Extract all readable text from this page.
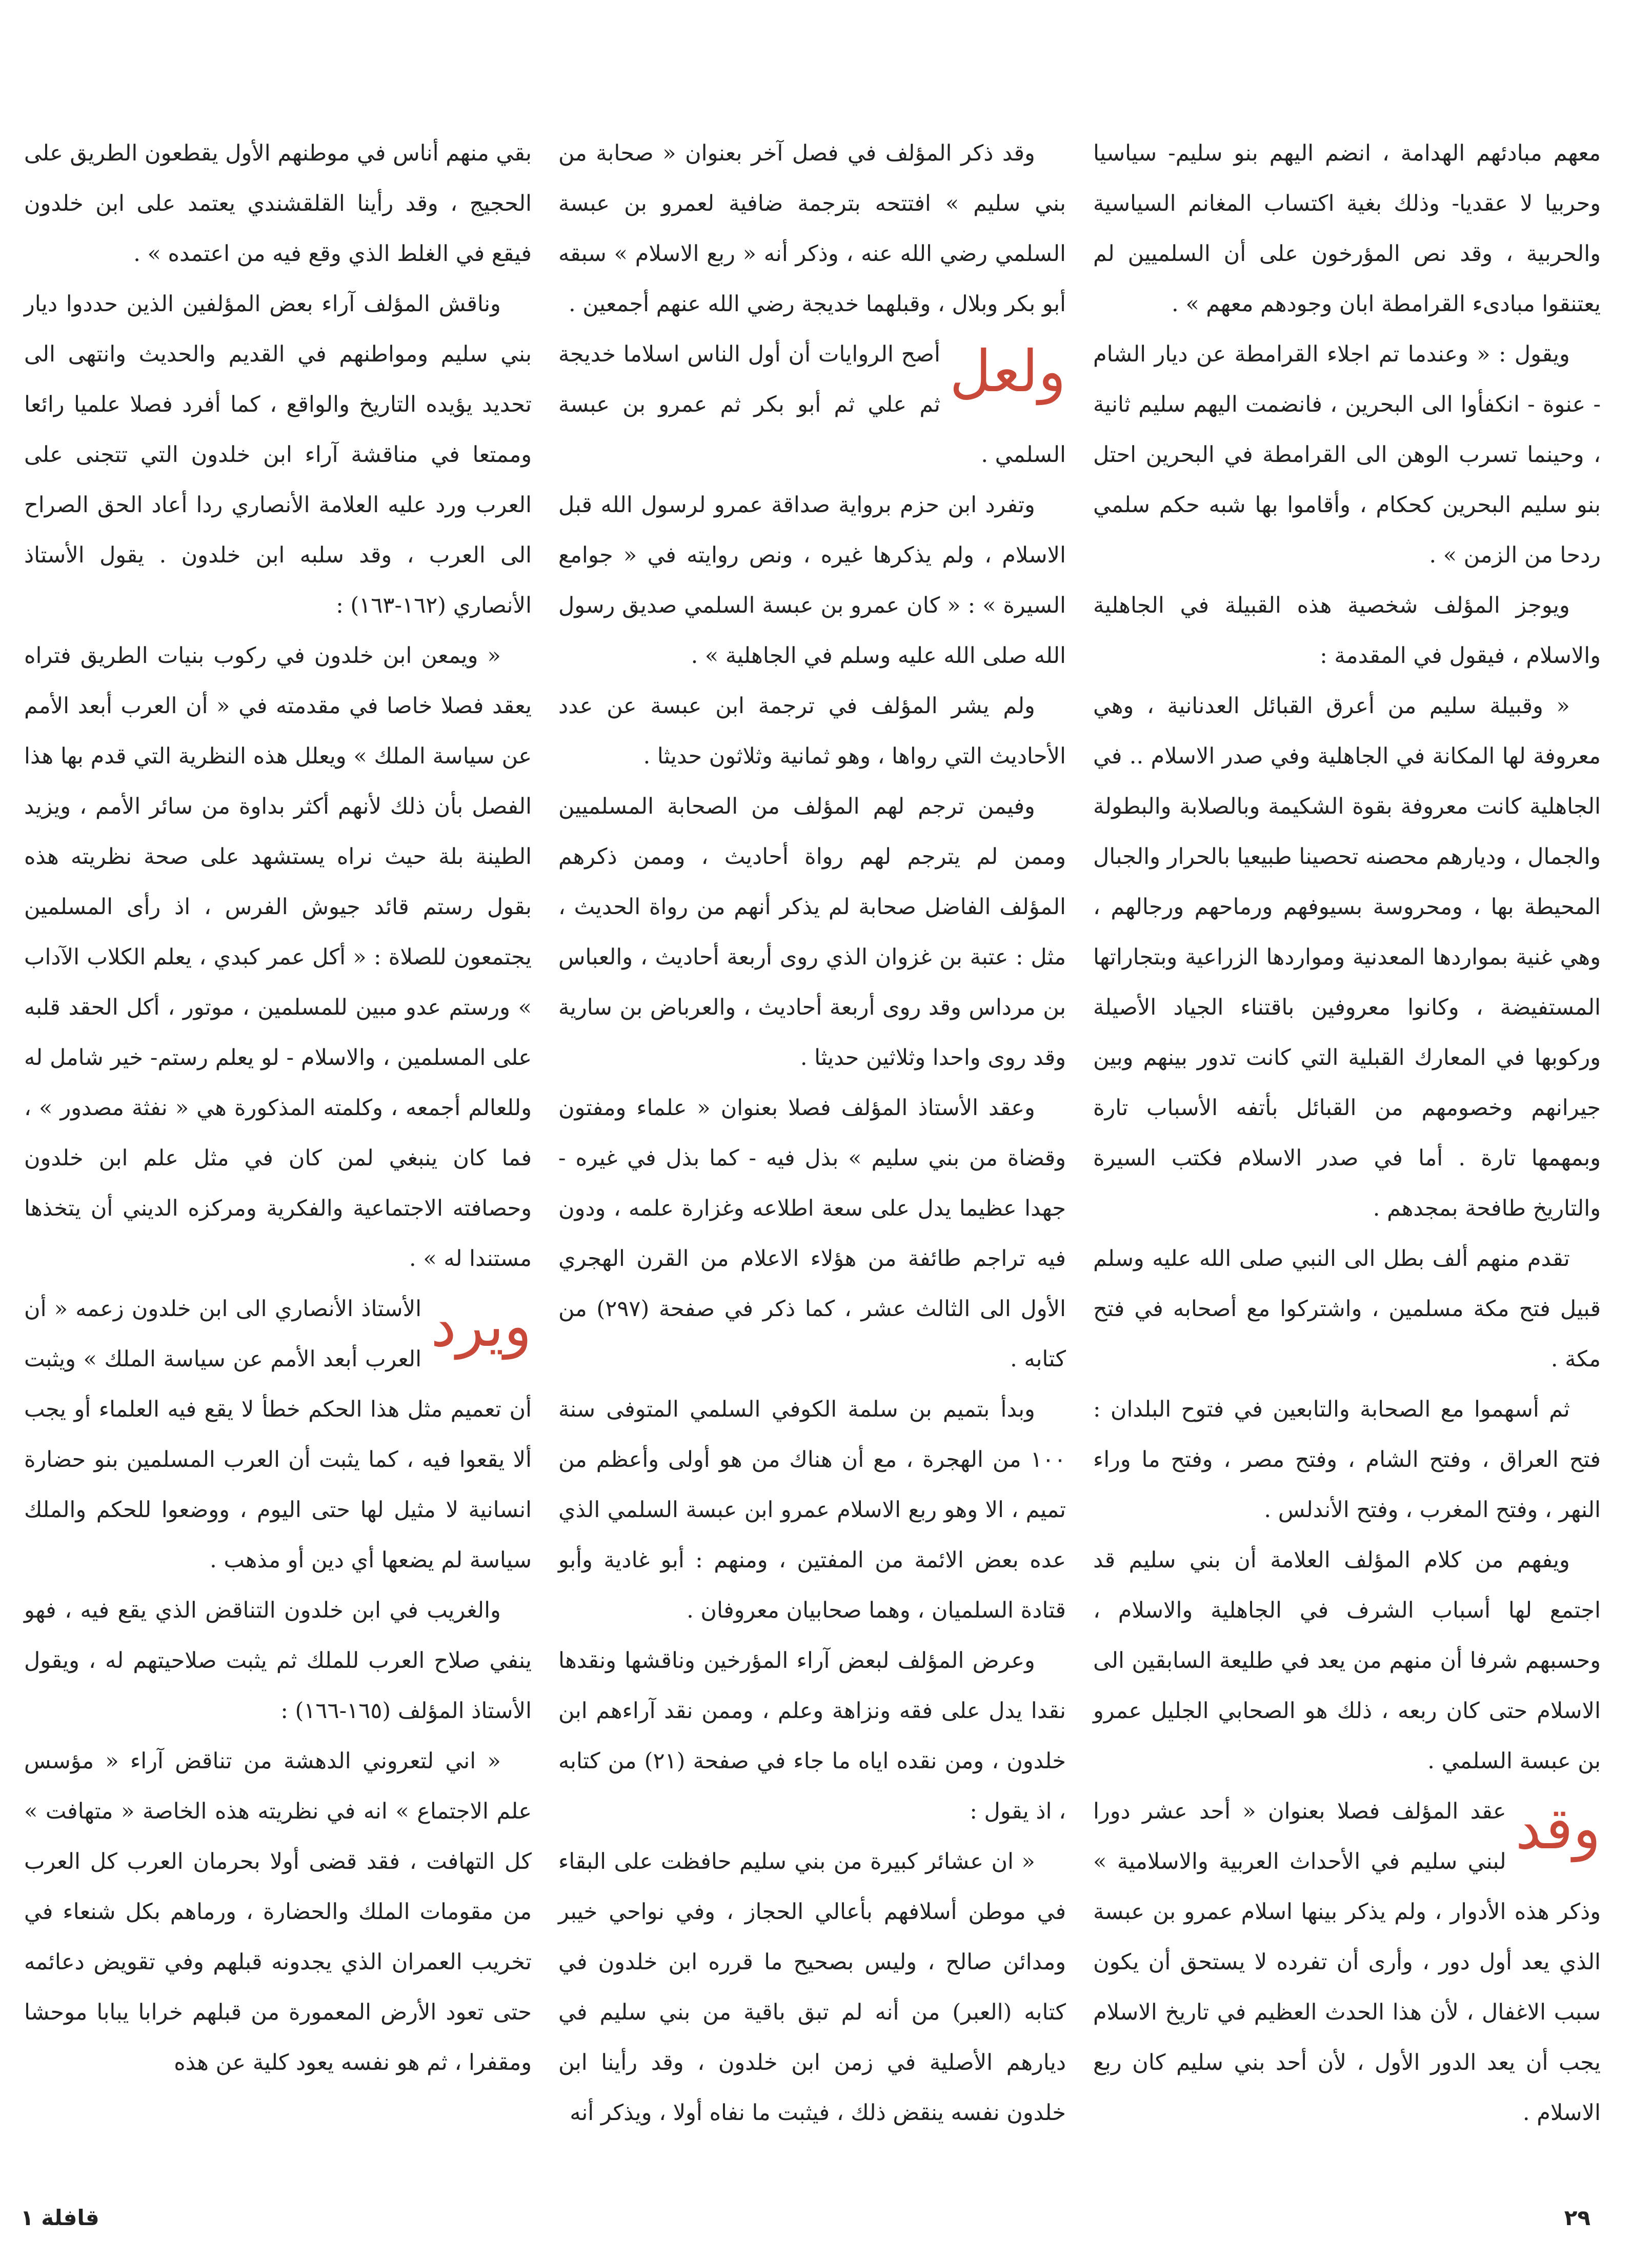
معهم مبادئهم الهدامة ، انضم اليهم بنو سليم- سياسيا وحربيا لا عقديا- وذلك بغية اكتساب المغانم السياسية والحربية ، وقد نص المؤرخون على أن السلميين لم يعتنقوا مبادىء القرامطة ابان وجودهم معهم » .

ويقول : « وعندما تم اجلاء القرامطة عن ديار الشام - عنوة - انكفأوا الى البحرين ، فانضمت اليهم سليم ثانية ، وحينما تسرب الوهن الى القرامطة في البحرين احتل بنو سليم البحرين كحكام ، وأقاموا بها شبه حكم سلمي ردحا من الزمن » .

ويوجز المؤلف شخصية هذه القبيلة في الجاهلية والاسلام ، فيقول في المقدمة :

« وقبيلة سليم من أعرق القبائل العدنانية ، وهي معروفة لها المكانة في الجاهلية وفي صدر الاسلام .. في الجاهلية كانت معروفة بقوة الشكيمة وبالصلابة والبطولة والجمال ، وديارهم محصنه تحصينا طبيعيا بالحرار والجبال المحيطة بها ، ومحروسة بسيوفهم ورماحهم ورجالهم ، وهي غنية بمواردها المعدنية ومواردها الزراعية وبتجاراتها المستفيضة ، وكانوا معروفين باقتناء الجياد الأصيلة وركوبها في المعارك القبلية التي كانت تدور بينهم وبين جيرانهم وخصومهم من القبائل بأتفه الأسباب تارة وبمهمها تارة . أما في صدر الاسلام فكتب السيرة والتاريخ طافحة بمجدهم .

تقدم منهم ألف بطل الى النبي صلى الله عليه وسلم قبيل فتح مكة مسلمين ، واشتركوا مع أصحابه في فتح مكة .

ثم أسهموا مع الصحابة والتابعين في فتوح البلدان : فتح العراق ، وفتح الشام ، وفتح مصر ، وفتح ما وراء النهر ، وفتح المغرب ، وفتح الأندلس .

ويفهم من كلام المؤلف العلامة أن بني سليم قد اجتمع لها أسباب الشرف في الجاهلية والاسلام ، وحسبهم شرفا أن منهم من يعد في طليعة السابقين الى الاسلام حتى كان ربعه ، ذلك هو الصحابي الجليل عمرو بن عبسة السلمي .

وقد
عقد المؤلف فصلا بعنوان « أحد عشر دورا لبني سليم في الأحداث العربية والاسلامية » وذكر هذه الأدوار ، ولم يذكر بينها اسلام عمرو بن عبسة الذي يعد أول دور ، وأرى أن تفرده لا يستحق أن يكون سبب الاغفال ، لأن هذا الحدث العظيم في تاريخ الاسلام يجب أن يعد الدور الأول ، لأن أحد بني سليم كان ربع الاسلام .

وقد ذكر المؤلف في فصل آخر بعنوان « صحابة من بني سليم » افتتحه بترجمة ضافية لعمرو بن عبسة السلمي رضي الله عنه ، وذكر أنه « ربع الاسلام » سبقه أبو بكر وبلال ، وقبلهما خديجة رضي الله عنهم أجمعين .

ولعل
أصح الروايات أن أول الناس اسلاما خديجة ثم علي ثم أبو بكر ثم عمرو بن عبسة السلمي .

وتفرد ابن حزم برواية صداقة عمرو لرسول الله قبل الاسلام ، ولم يذكرها غيره ، ونص روايته في « جوامع السيرة » : « كان عمرو بن عبسة السلمي صديق رسول الله صلى الله عليه وسلم في الجاهلية » .

ولم يشر المؤلف في ترجمة ابن عبسة عن عدد الأحاديث التي رواها ، وهو ثمانية وثلاثون حديثا .

وفيمن ترجم لهم المؤلف من الصحابة المسلميين وممن لم يترجم لهم رواة أحاديث ، وممن ذكرهم المؤلف الفاضل صحابة لم يذكر أنهم من رواة الحديث ، مثل : عتبة بن غزوان الذي روى أربعة أحاديث ، والعباس بن مرداس وقد روى أربعة أحاديث ، والعرباض بن سارية وقد روى واحدا وثلاثين حديثا .

وعقد الأستاذ المؤلف فصلا بعنوان « علماء ومفتون وقضاة من بني سليم » بذل فيه - كما بذل في غيره - جهدا عظيما يدل على سعة اطلاعه وغزارة علمه ، ودون فيه تراجم طائفة من هؤلاء الاعلام من القرن الهجري الأول الى الثالث عشر ، كما ذكر في صفحة (٢٩٧) من كتابه .

وبدأ بتميم بن سلمة الكوفي السلمي المتوفى سنة ١٠٠ من الهجرة ، مع أن هناك من هو أولى وأعظم من تميم ، الا وهو ربع الاسلام عمرو ابن عبسة السلمي الذي عده بعض الائمة من المفتين ، ومنهم : أبو غادية وأبو قتادة السلميان ، وهما صحابيان معروفان .

وعرض المؤلف لبعض آراء المؤرخين وناقشها ونقدها نقدا يدل على فقه ونزاهة وعلم ، وممن نقد آراءهم ابن خلدون ، ومن نقده اياه ما جاء في صفحة (٢١) من كتابه ، اذ يقول :

« ان عشائر كبيرة من بني سليم حافظت على البقاء في موطن أسلافهم بأعالي الحجاز ، وفي نواحي خيبر ومدائن صالح ، وليس بصحيح ما قرره ابن خلدون في كتابه (العبر) من أنه لم تبق باقية من بني سليم في ديارهم الأصلية في زمن ابن خلدون ، وقد رأينا ابن خلدون نفسه ينقض ذلك ، فيثبت ما نفاه أولا ، ويذكر أنه

بقي منهم أناس في موطنهم الأول يقطعون الطريق على الحجيج ، وقد رأينا القلقشندي يعتمد على ابن خلدون فيقع في الغلط الذي وقع فيه من اعتمده » .

وناقش المؤلف آراء بعض المؤلفين الذين حددوا ديار بني سليم ومواطنهم في القديم والحديث وانتهى الى تحديد يؤيده التاريخ والواقع ، كما أفرد فصلا علميا رائعا وممتعا في مناقشة آراء ابن خلدون التي تتجنى على العرب ورد عليه العلامة الأنصاري ردا أعاد الحق الصراح الى العرب ، وقد سلبه ابن خلدون . يقول الأستاذ الأنصاري (١٦٢-١٦٣) :

« ويمعن ابن خلدون في ركوب بنيات الطريق فتراه يعقد فصلا خاصا في مقدمته في « أن العرب أبعد الأمم عن سياسة الملك » ويعلل هذه النظرية التي قدم بها هذا الفصل بأن ذلك لأنهم أكثر بداوة من سائر الأمم ، ويزيد الطينة بلة حيث نراه يستشهد على صحة نظريته هذه بقول رستم قائد جيوش الفرس ، اذ رأى المسلمين يجتمعون للصلاة : « أكل عمر كبدي ، يعلم الكلاب الآداب » ورستم عدو مبين للمسلمين ، موتور ، أكل الحقد قلبه على المسلمين ، والاسلام - لو يعلم رستم- خير شامل له وللعالم أجمعه ، وكلمته المذكورة هي « نفثة مصدور » ، فما كان ينبغي لمن كان في مثل علم ابن خلدون وحصافته الاجتماعية والفكرية ومركزه الديني أن يتخذها مستندا له » .

ويرد
الأستاذ الأنصاري الى ابن خلدون زعمه « أن العرب أبعد الأمم عن سياسة الملك » ويثبت أن تعميم مثل هذا الحكم خطأ لا يقع فيه العلماء أو يجب ألا يقعوا فيه ، كما يثبت أن العرب المسلمين بنو حضارة انسانية لا مثيل لها حتى اليوم ، ووضعوا للحكم والملك سياسة لم يضعها أي دين أو مذهب .

والغريب في ابن خلدون التناقض الذي يقع فيه ، فهو ينفي صلاح العرب للملك ثم يثبت صلاحيتهم له ، ويقول الأستاذ المؤلف (١٦٥-١٦٦) :

« اني لتعروني الدهشة من تناقض آراء « مؤسس علم الاجتماع » انه في نظريته هذه الخاصة « متهافت » كل التهافت ، فقد قضى أولا بحرمان العرب كل العرب من مقومات الملك والحضارة ، ورماهم بكل شنعاء في تخريب العمران الذي يجدونه قبلهم وفي تقويض دعائمه حتى تعود الأرض المعمورة من قبلهم خرابا يبابا موحشا ومقفرا ، ثم هو نفسه يعود كلية عن هذه

٢٩
قافلة ١
